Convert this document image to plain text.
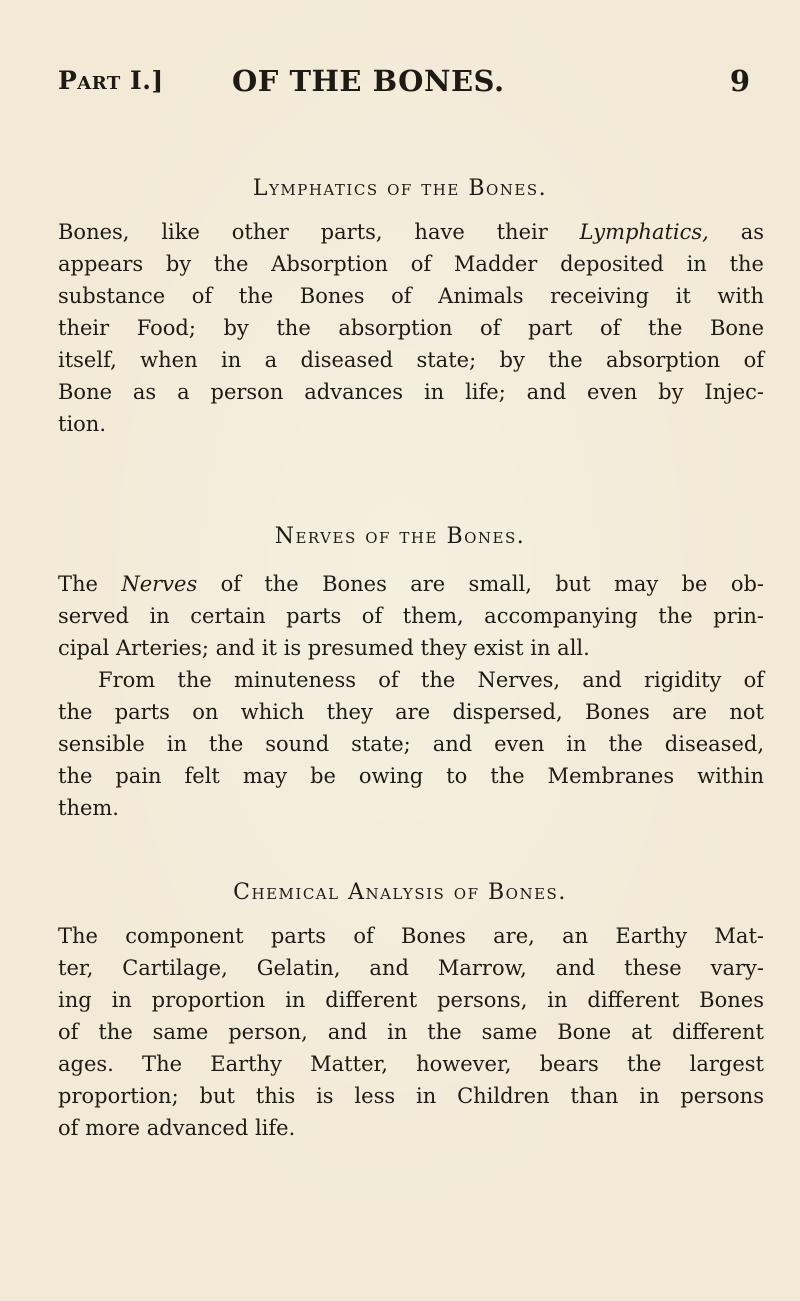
Part I.] OF THE BONES.	9
Lymphatics of the Bones.
Bones, like other parts, have their Lymphatics, as
appears by the Absorption of Madder deposited in the
substance of the Bones of Animals receiving it with
their Food; by the absorption of part of the Bone
itself, when in a diseased state; by the absorption of
Bone as a person advances in life; and even by Injec-
tion.
Nerves of the Bones.
The Nerves of the Bones are small, but may be ob-
served in certain parts of them, accompanying the prin-
cipal Arteries; and it is presumed they exist in all.
From the minuteness of the Nerves, and rigidity of
the parts on which they are dispersed, Bones are not
sensible in the sound state; and even in the diseased,
the pain felt may be owing to the Membranes within
them.
Chemical Analysis of Bones.
The component parts of Bones are, an Earthy Mat-
ter, Cartilage, Gelatin, and Marrow, and these vary-
ing in proportion in different persons, in different Bones
of the same person, and in the same Bone at different
ages. The Earthy Matter, however, bears the largest
proportion; but this is less in Children than in persons
of more advanced life.
